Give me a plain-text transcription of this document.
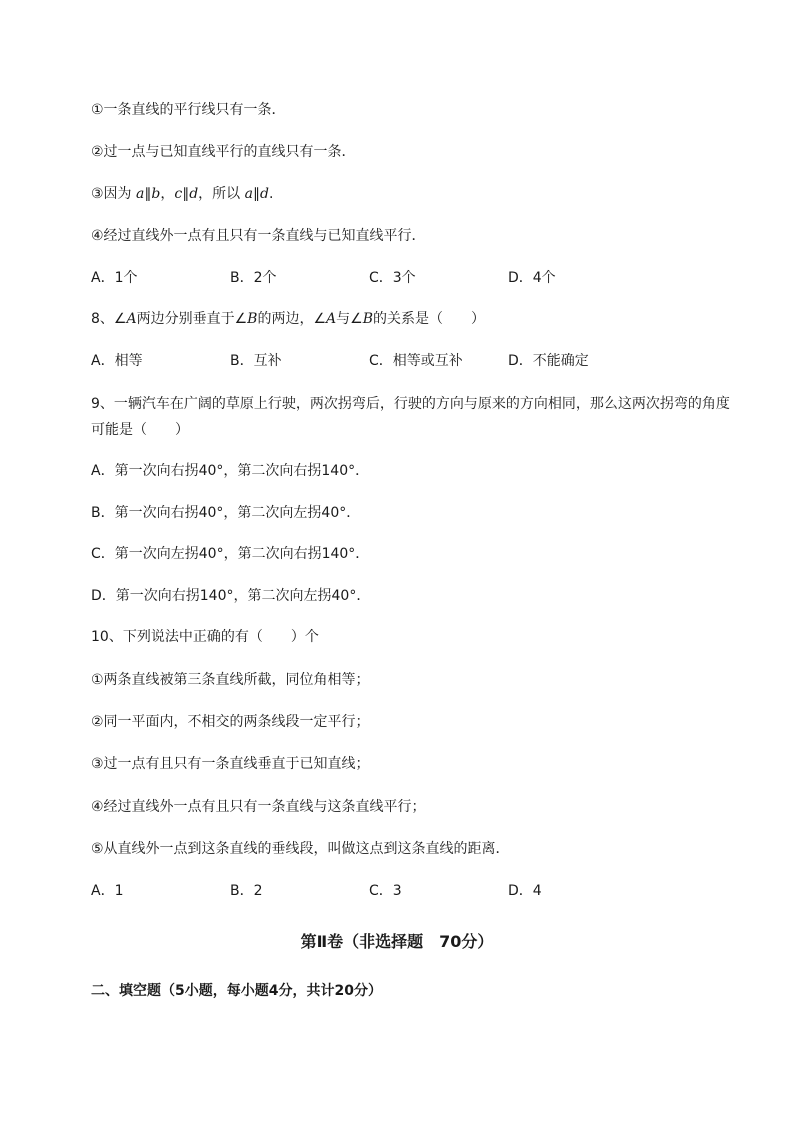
①一条直线的平行线只有一条．
②过一点与已知直线平行的直线只有一条．
③因为 a∥b，c∥d，所以 a∥d.
④经过直线外一点有且只有一条直线与已知直线平行．
A．1个	B．2个	C．3个	D．4个
8、∠A两边分别垂直于∠B的两边，∠A与∠B的关系是（　　）
A．相等	B．互补	C．相等或互补	D．不能确定
9、一辆汽车在广阔的草原上行驶，两次拐弯后，行驶的方向与原来的方向相同，那么这两次拐弯的角度可能是（　　）
A．第一次向右拐40°，第二次向右拐140°．
B．第一次向右拐40°，第二次向左拐40°．
C．第一次向左拐40°，第二次向右拐140°．
D．第一次向右拐140°，第二次向左拐40°．
10、下列说法中正确的有（　　）个
①两条直线被第三条直线所截，同位角相等；
②同一平面内，不相交的两条线段一定平行；
③过一点有且只有一条直线垂直于已知直线；
④经过直线外一点有且只有一条直线与这条直线平行；
⑤从直线外一点到这条直线的垂线段，叫做这点到这条直线的距离．
A．1	B．2	C．3	D．4
第Ⅱ卷（非选择题　70分）
二、填空题（5小题，每小题4分，共计20分）
